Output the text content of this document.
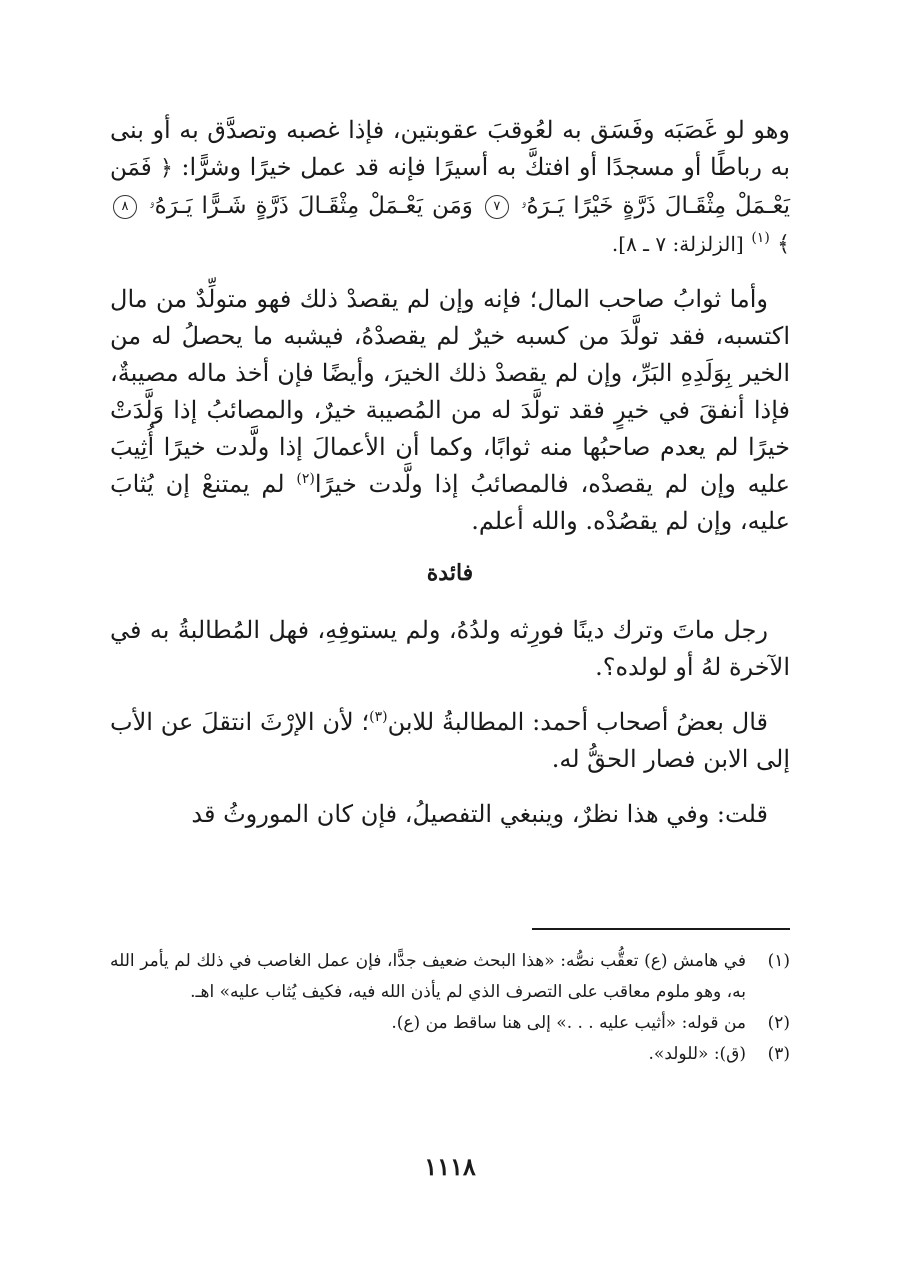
وهو لو غَصَبَه وفَسَق به لعُوقبَ عقوبتين، فإذا غصبه وتصدَّق به أو بنى به رباطًا أو مسجدًا أو افتكَّ به أسيرًا فإنه قد عمل خيرًا وشرًّا: ﴿ فَمَن يَعْـمَلْ مِثْقَـالَ ذَرَّةٍ خَيْرًا يَـرَهُۥ ٧ وَمَن يَعْـمَلْ مِثْقَـالَ ذَرَّةٍ شَـرًّا يَـرَهُۥ ٨ ﴾ $^{(١)}$ [الزلزلة: ٧ ـ ٨].

وأما ثوابُ صاحب المال؛ فإنه وإن لم يقصدْ ذلك فهو متولِّدٌ من مال اكتسبه، فقد تولَّدَ من كسبه خيرٌ لم يقصدْهُ، فيشبه ما يحصلُ له من الخير بِوَلَدِهِ البَرِّ، وإن لم يقصدْ ذلك الخيرَ، وأيضًا فإن أخذ ماله مصيبةٌ، فإذا أنفقَ في خيرٍ فقد تولَّدَ له من المُصيبة خيرٌ، والمصائبُ إذا وَلَّدَتْ خيرًا لم يعدم صاحبُها منه ثوابًا، وكما أن الأعمالَ إذا ولَّدت خيرًا أُثِيبَ عليه وإن لم يقصدْه، فالمصائبُ إذا ولَّدت خيرًا$^{(٢)}$ لم يمتنعْ إن يُثابَ عليه، وإن لم يقصُدْه. والله أعلم.

فائدة

رجل ماتَ وترك دينًا فورِثه ولدُهُ، ولم يستوفِهِ، فهل المُطالبةُ به في الآخرة لهُ أو لولده؟.

قال بعضُ أصحاب أحمد: المطالبةُ للابن$^{(٣)}$؛ لأن الإرْثَ انتقلَ عن الأب إلى الابن فصار الحقُّ له.

قلت: وفي هذا نظرٌ، وينبغي التفصيلُ، فإن كان الموروثُ قد

(١)
في هامش (ع) تعقُّب نصُّه: «هذا البحث ضعيف جدًّا، فإن عمل الغاصب في ذلك لم يأمر الله به، وهو ملوم معاقب على التصرف الذي لم يأذن الله فيه، فكيف يُثاب عليه» اهـ.
(٢)
من قوله: «أثيب عليه . . .» إلى هنا ساقط من (ع).
(٣)
(ق): «للولد».
١١١٨
